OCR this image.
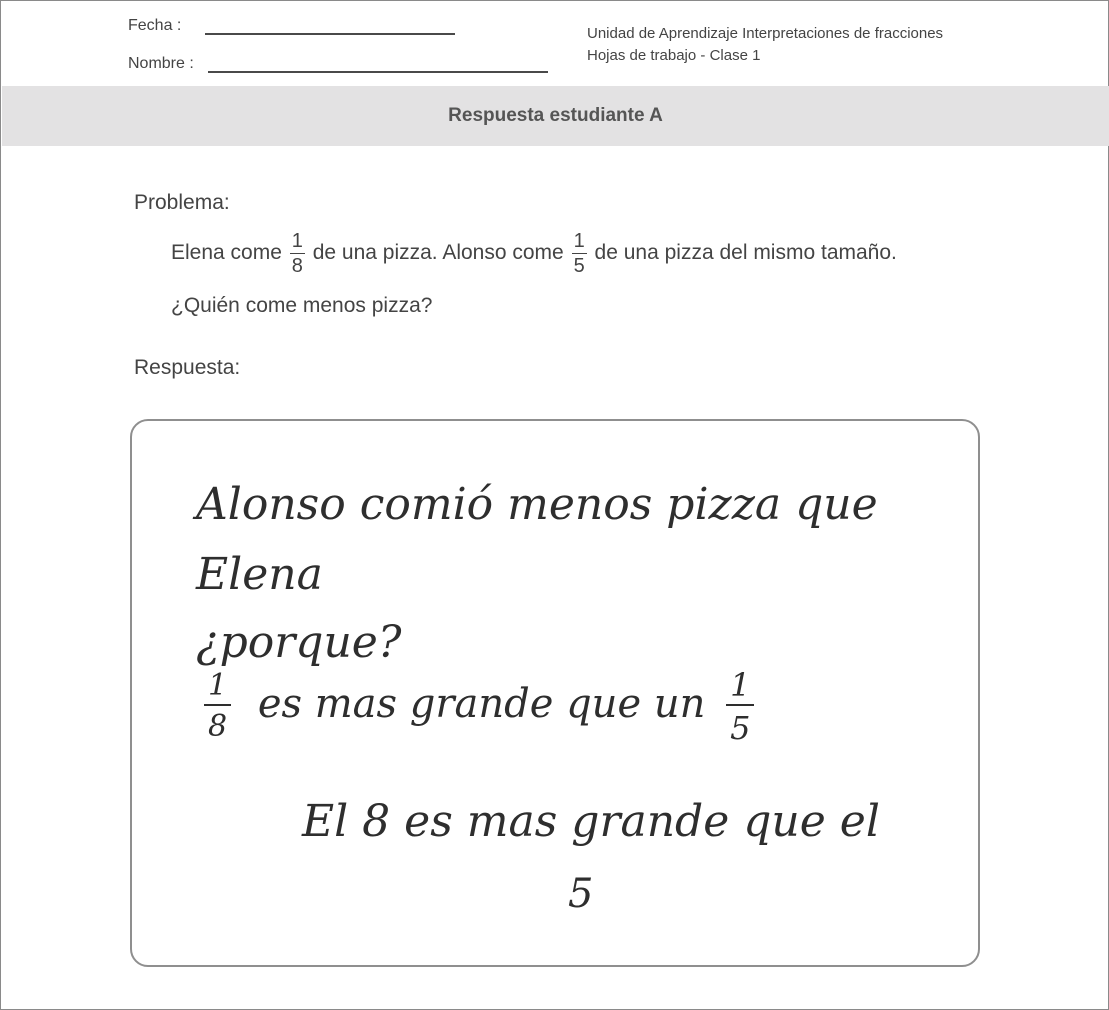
Fecha :
Nombre :
Unidad de Aprendizaje Interpretaciones de fracciones
Hojas de trabajo - Clase 1
Respuesta estudiante A
Problema:
Elena come $\frac{1}{8}$ de una pizza. Alonso come $\frac{1}{5}$ de una pizza del mismo tamaño.
¿Quién come menos pizza?
Respuesta:
Alonso comió menos pizza que
Elena
¿porque?
$\frac{1}{8}$ es mas grande que un $\frac{1}{5}$
El 8 es mas grande que el
5
